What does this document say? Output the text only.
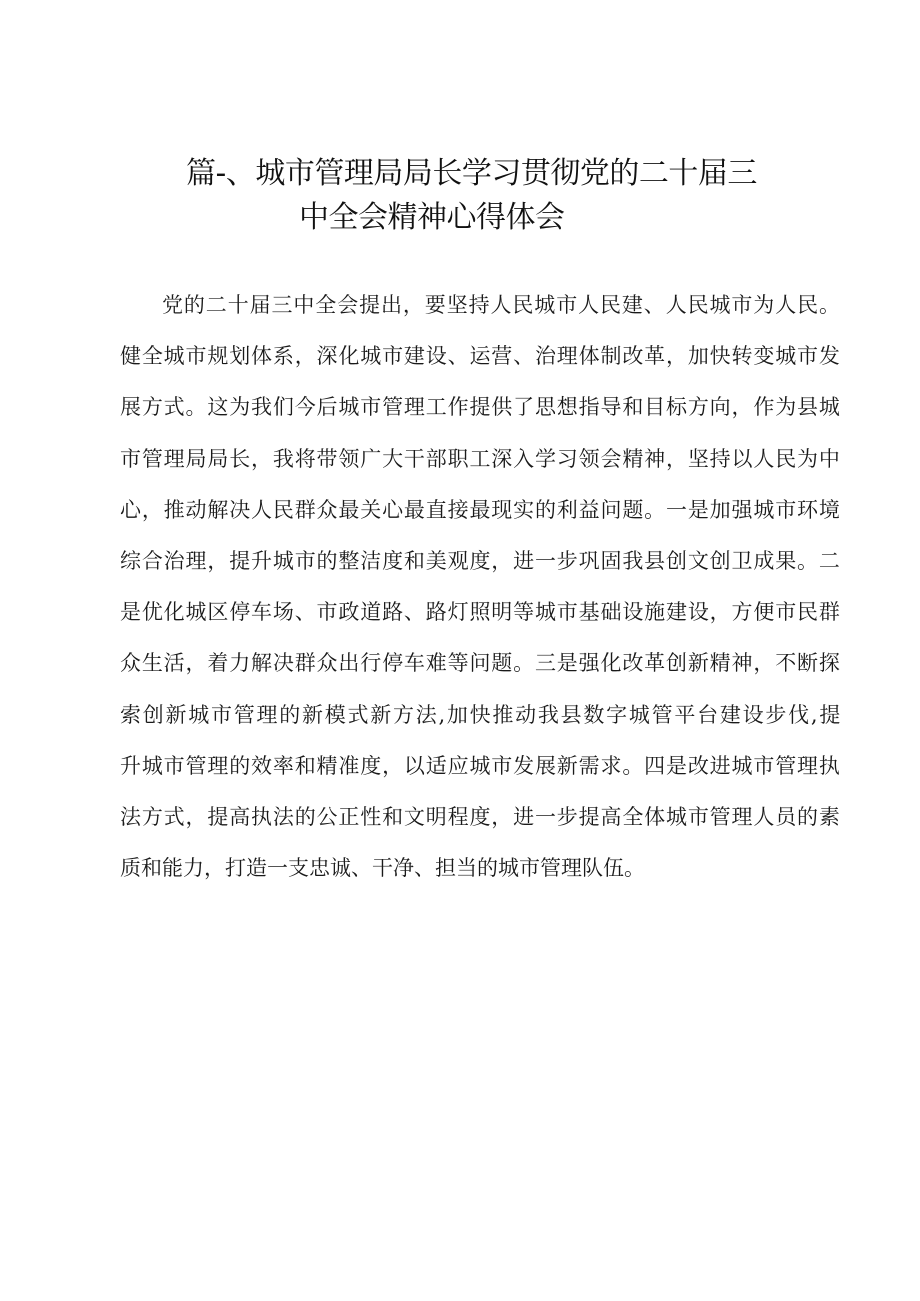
篇-、城市管理局局长学习贯彻党的二十届三
中全会精神心得体会
党的二十届三中全会提出，要坚持人民城市人民建、人民城市为人民。
健全城市规划体系，深化城市建设、运营、治理体制改革，加快转变城市发
展方式。这为我们今后城市管理工作提供了思想指导和目标方向，作为县城
市管理局局长，我将带领广大干部职工深入学习领会精神，坚持以人民为中
心，推动解决人民群众最关心最直接最现实的利益问题。一是加强城市环境
综合治理，提升城市的整洁度和美观度，进一步巩固我县创文创卫成果。二
是优化城区停车场、市政道路、路灯照明等城市基础设施建设，方便市民群
众生活，着力解决群众出行停车难等问题。三是强化改革创新精神，不断探
索创新城市管理的新模式新方法,加快推动我县数字城管平台建设步伐,提
升城市管理的效率和精准度，以适应城市发展新需求。四是改进城市管理执
法方式，提高执法的公正性和文明程度，进一步提高全体城市管理人员的素
质和能力，打造一支忠诚、干净、担当的城市管理队伍。
